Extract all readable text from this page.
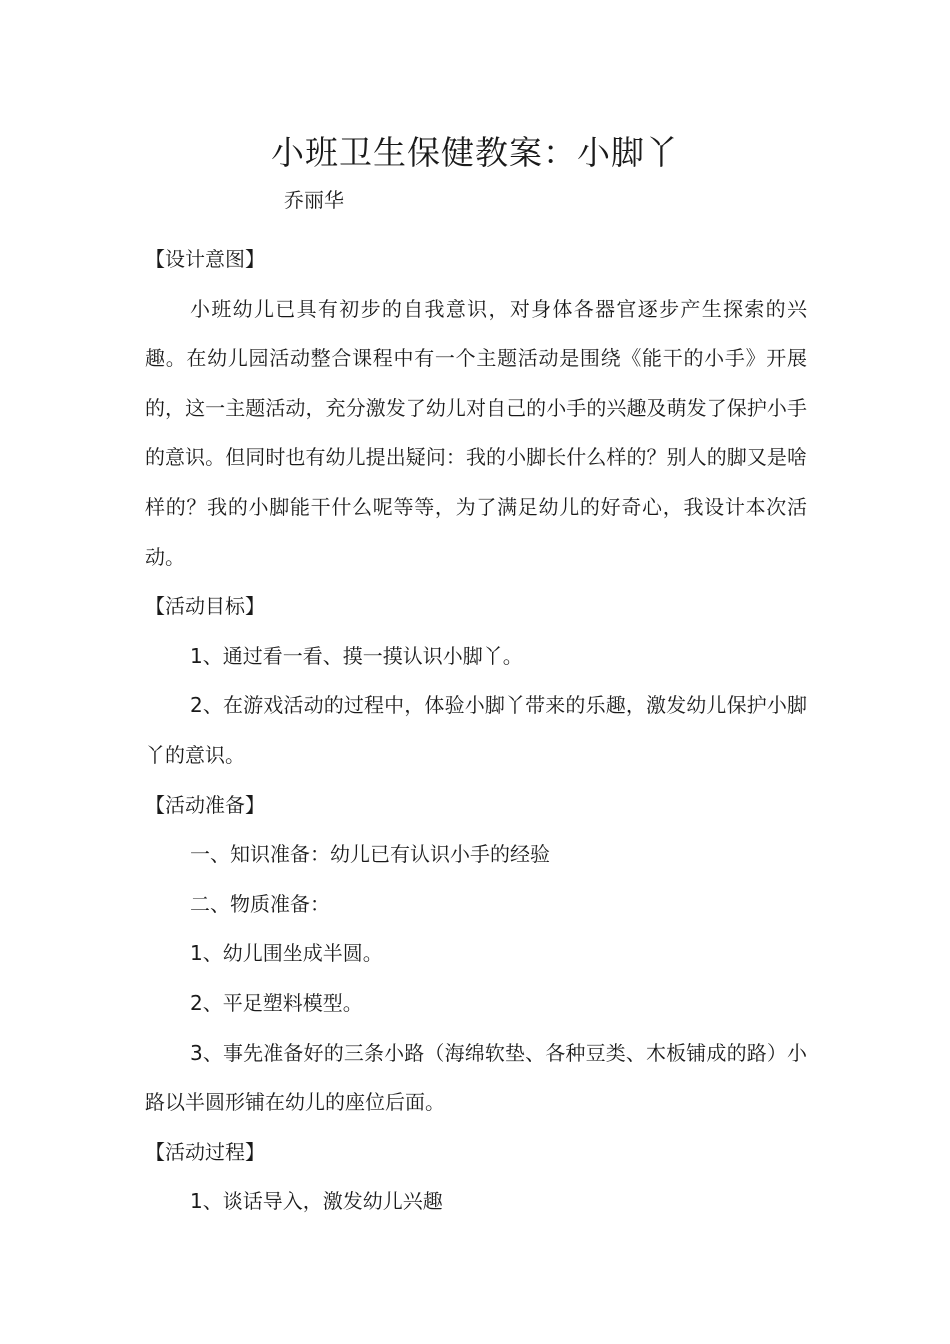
小班卫生保健教案：小脚丫
乔丽华

【设计意图】

小班幼儿已具有初步的自我意识，对身体各器官逐步产生探索的兴趣。在幼儿园活动整合课程中有一个主题活动是围绕《能干的小手》开展的，这一主题活动，充分激发了幼儿对自己的小手的兴趣及萌发了保护小手的意识。但同时也有幼儿提出疑问：我的小脚长什么样的？别人的脚又是啥样的？我的小脚能干什么呢等等，为了满足幼儿的好奇心，我设计本次活动。

【活动目标】

1、通过看一看、摸一摸认识小脚丫。

2、在游戏活动的过程中，体验小脚丫带来的乐趣，激发幼儿保护小脚丫的意识。

【活动准备】

一、知识准备：幼儿已有认识小手的经验

二、物质准备：

1、幼儿围坐成半圆。

2、平足塑料模型。

3、事先准备好的三条小路（海绵软垫、各种豆类、木板铺成的路）小路以半圆形铺在幼儿的座位后面。

【活动过程】

1、谈话导入，激发幼儿兴趣
